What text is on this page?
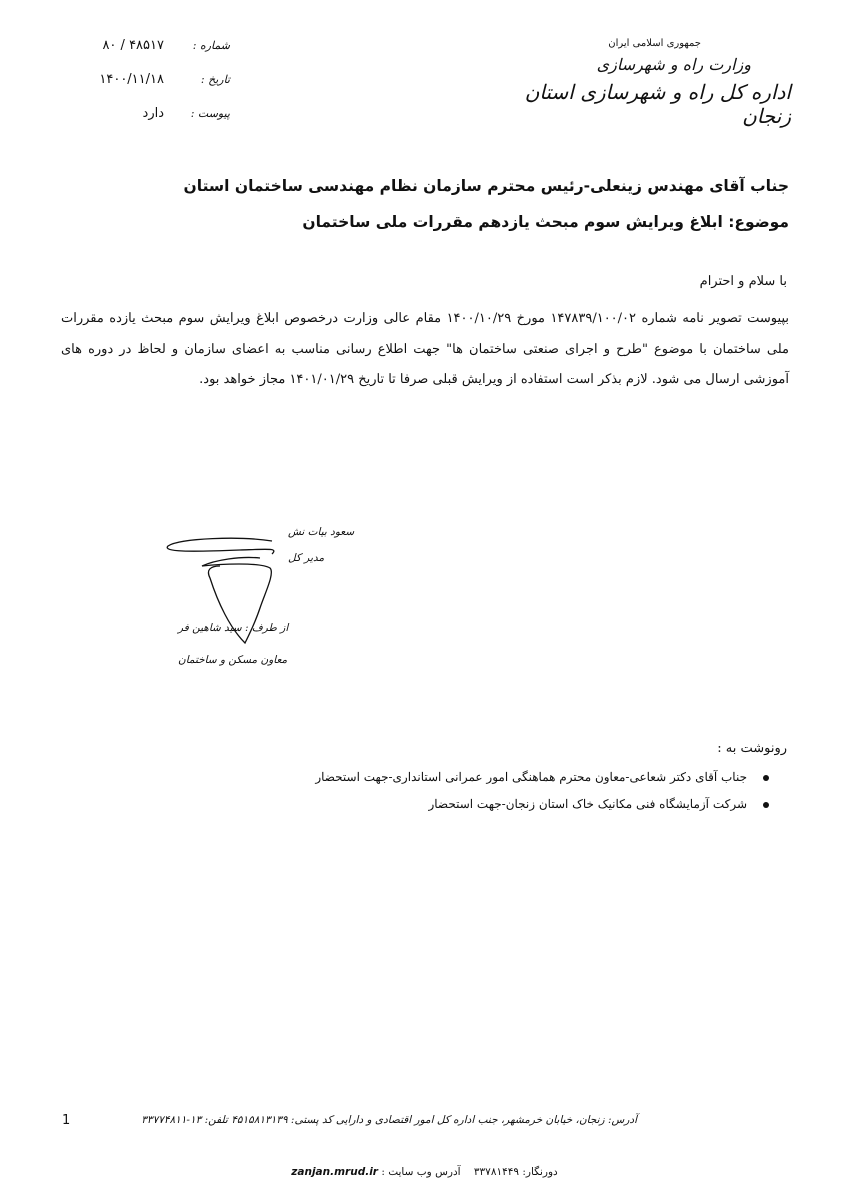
جمهوری اسلامی ایران
وزارت راه و شهرسازی
اداره کل راه و شهرسازی استان زنجان
شماره :
۴۸۵۱۷ / ۸۰
تاریخ :
۱۴۰۰/۱۱/۱۸
پیوست :
دارد
جناب آقای مهندس زینعلی-رئیس محترم سازمان نظام مهندسی ساختمان استان
موضوع: ابلاغ ویرایش سوم مبحث یازدهم مقررات ملی ساختمان
با سلام و احترام
بپیوست تصویر نامه شماره ۱۴۷۸۳۹/۱۰۰/۰۲ مورخ ۱۴۰۰/۱۰/۲۹ مقام عالی وزارت درخصوص ابلاغ ویرایش سوم مبحث یازده مقررات ملی ساختمان با موضوع "طرح و اجرای صنعتی ساختمان ها" جهت اطلاع رسانی مناسب به اعضای سازمان و لحاظ در دوره های آموزشی ارسال می شود. لازم بذکر است استفاده از ویرایش قبلی صرفا تا تاریخ ۱۴۰۱/۰۱/۲۹ مجاز خواهد بود.
سعود بیات نش
مدیر کل
از طرف : سید شاهین فر
معاون مسکن و ساختمان
رونوشت به :
جناب آقای دکتر شعاعی-معاون محترم هماهنگی امور عمرانی استانداری-جهت استحضار
شرکت آزمایشگاه فنی مکانیک خاک استان زنجان-جهت استحضار
1	آدرس: زنجان، خیابان خرمشهر، جنب اداره کل امور اقتصادی و دارایی کد پستی: ۴۵۱۵۸۱۳۱۳۹ تلفن: ۱۳-۳۳۷۷۴۸۱۱
دورنگار: ۳۳۷۸۱۴۴۹    آدرس وب سایت : zanjan.mrud.ir
